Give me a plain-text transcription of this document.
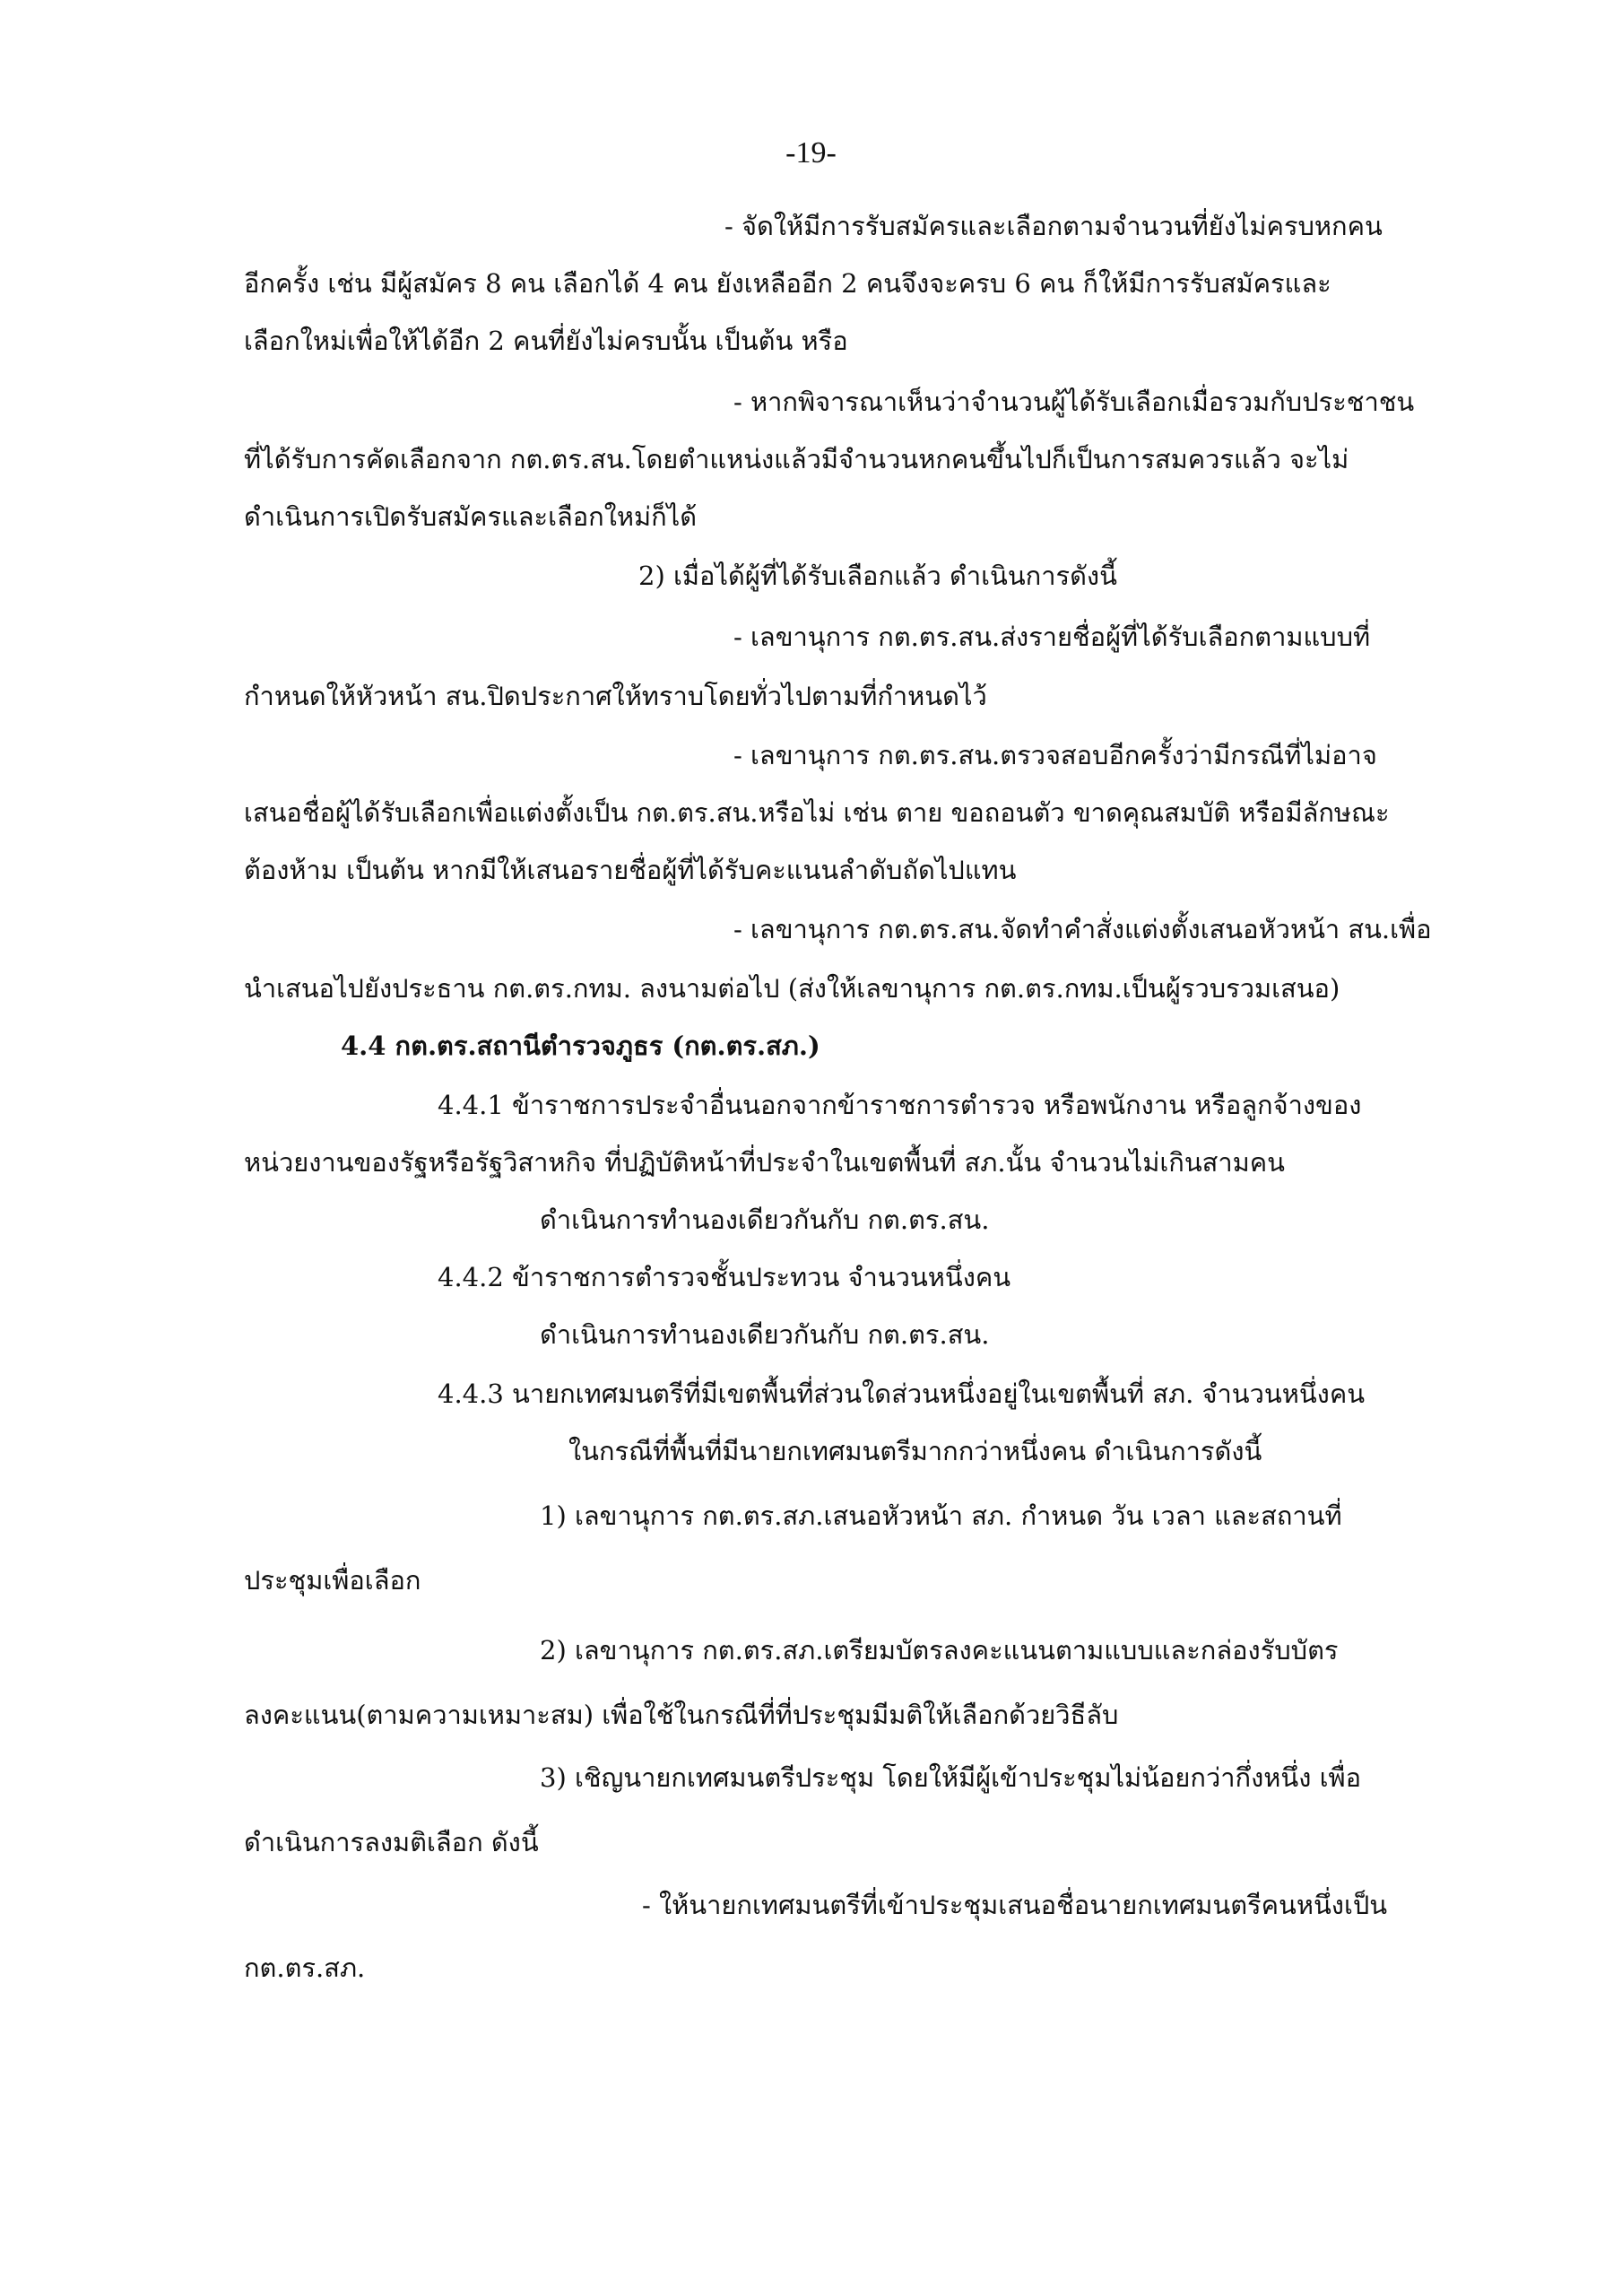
-19-
- จัดให้มีการรับสมัครและเลือกตามจำนวนที่ยังไม่ครบหกคน
อีกครั้ง เช่น มีผู้สมัคร 8 คน เลือกได้ 4 คน ยังเหลืออีก 2 คนจึงจะครบ 6 คน ก็ให้มีการรับสมัครและ
เลือกใหม่เพื่อให้ได้อีก 2 คนที่ยังไม่ครบนั้น เป็นต้น หรือ
- หากพิจารณาเห็นว่าจำนวนผู้ได้รับเลือกเมื่อรวมกับประชาชน
ที่ได้รับการคัดเลือกจาก กต.ตร.สน.โดยตำแหน่งแล้วมีจำนวนหกคนขึ้นไปก็เป็นการสมควรแล้ว จะไม่
ดำเนินการเปิดรับสมัครและเลือกใหม่ก็ได้
2) เมื่อได้ผู้ที่ได้รับเลือกแล้ว ดำเนินการดังนี้
- เลขานุการ กต.ตร.สน.ส่งรายชื่อผู้ที่ได้รับเลือกตามแบบที่
กำหนดให้หัวหน้า สน.ปิดประกาศให้ทราบโดยทั่วไปตามที่กำหนดไว้
- เลขานุการ กต.ตร.สน.ตรวจสอบอีกครั้งว่ามีกรณีที่ไม่อาจ
เสนอชื่อผู้ได้รับเลือกเพื่อแต่งตั้งเป็น กต.ตร.สน.หรือไม่ เช่น ตาย ขอถอนตัว ขาดคุณสมบัติ หรือมีลักษณะ
ต้องห้าม เป็นต้น หากมีให้เสนอรายชื่อผู้ที่ได้รับคะแนนลำดับถัดไปแทน
- เลขานุการ กต.ตร.สน.จัดทำคำสั่งแต่งตั้งเสนอหัวหน้า สน.เพื่อ
นำเสนอไปยังประธาน กต.ตร.กทม. ลงนามต่อไป (ส่งให้เลขานุการ กต.ตร.กทม.เป็นผู้รวบรวมเสนอ)
4.4 กต.ตร.สถานีตำรวจภูธร (กต.ตร.สภ.)
4.4.1 ข้าราชการประจำอื่นนอกจากข้าราชการตำรวจ หรือพนักงาน หรือลูกจ้างของ
หน่วยงานของรัฐหรือรัฐวิสาหกิจ ที่ปฏิบัติหน้าที่ประจำในเขตพื้นที่ สภ.นั้น จำนวนไม่เกินสามคน
ดำเนินการทำนองเดียวกันกับ กต.ตร.สน.
4.4.2 ข้าราชการตำรวจชั้นประทวน จำนวนหนึ่งคน
ดำเนินการทำนองเดียวกันกับ กต.ตร.สน.
4.4.3 นายกเทศมนตรีที่มีเขตพื้นที่ส่วนใดส่วนหนึ่งอยู่ในเขตพื้นที่ สภ. จำนวนหนึ่งคน
ในกรณีที่พื้นที่มีนายกเทศมนตรีมากกว่าหนึ่งคน ดำเนินการดังนี้
1) เลขานุการ กต.ตร.สภ.เสนอหัวหน้า สภ. กำหนด วัน เวลา และสถานที่
ประชุมเพื่อเลือก
2) เลขานุการ กต.ตร.สภ.เตรียมบัตรลงคะแนนตามแบบและกล่องรับบัตร
ลงคะแนน(ตามความเหมาะสม) เพื่อใช้ในกรณีที่ที่ประชุมมีมติให้เลือกด้วยวิธีลับ
3) เชิญนายกเทศมนตรีประชุม โดยให้มีผู้เข้าประชุมไม่น้อยกว่ากึ่งหนึ่ง เพื่อ
ดำเนินการลงมติเลือก ดังนี้
- ให้นายกเทศมนตรีที่เข้าประชุมเสนอชื่อนายกเทศมนตรีคนหนึ่งเป็น
กต.ตร.สภ.
